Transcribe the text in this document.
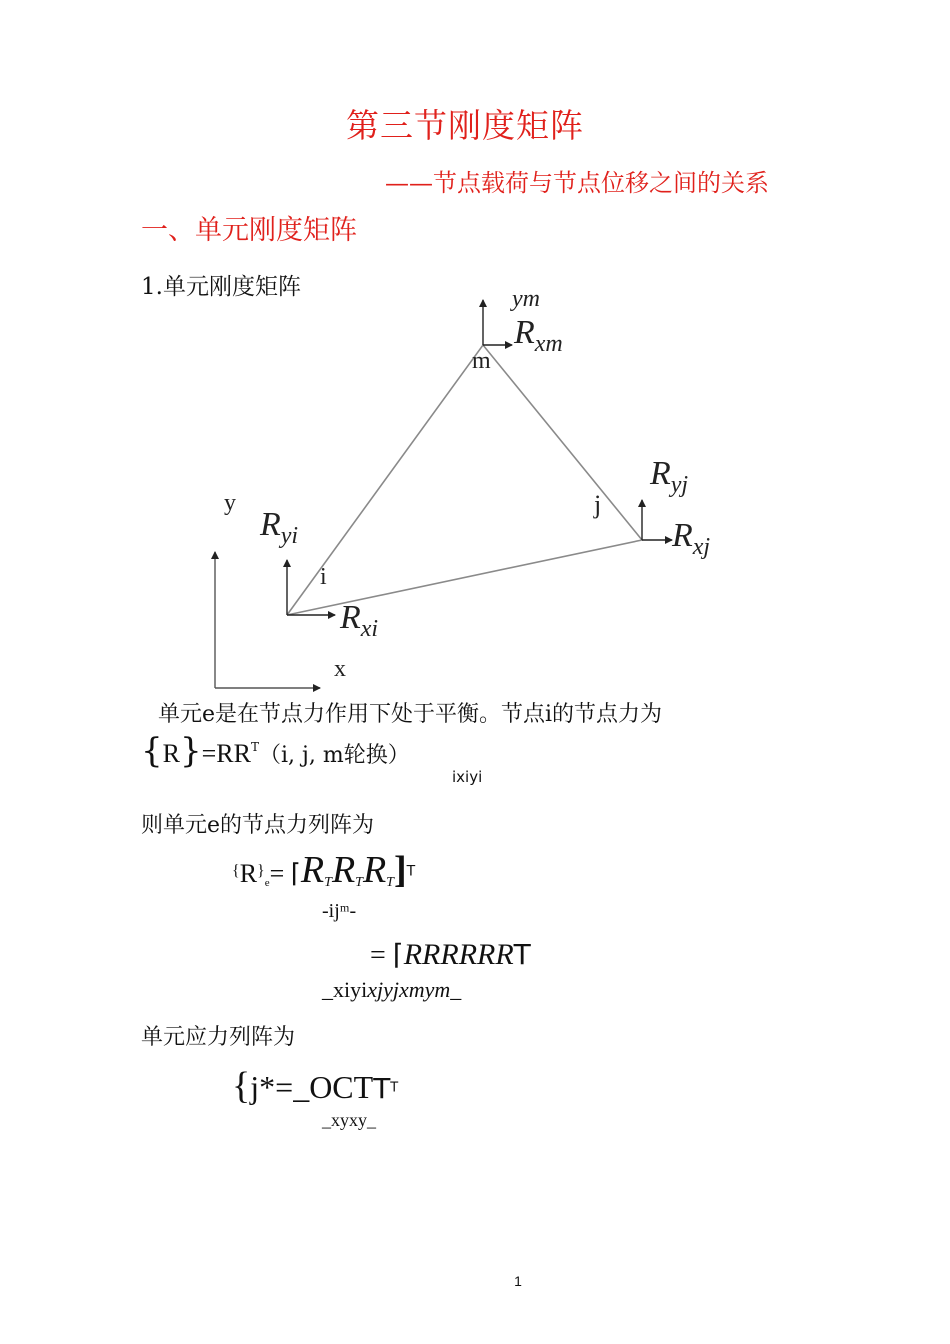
第三节刚度矩阵
——节点载荷与节点位移之间的关系
一、单元刚度矩阵
1.单元刚度矩阵
y
x
i
j
m
ym
Rxm
Ryj
Rxj
Ryi
Rxi
单元e是在节点力作用下处于平衡。节点i的节点力为
$\{R\}=RR^T(i$, j, m轮换）
ixiyi
则单元e的节点力列阵为
$^{\{}R^{\}}_e=$ $⌈R_TR_TR_T]^T$
-ijᵐ-
= ⌈RRRRRRT
_xiyixjyjxmym_
单元应力列阵为
{$j*=\_OCTT^T$
_xyxy_
1
